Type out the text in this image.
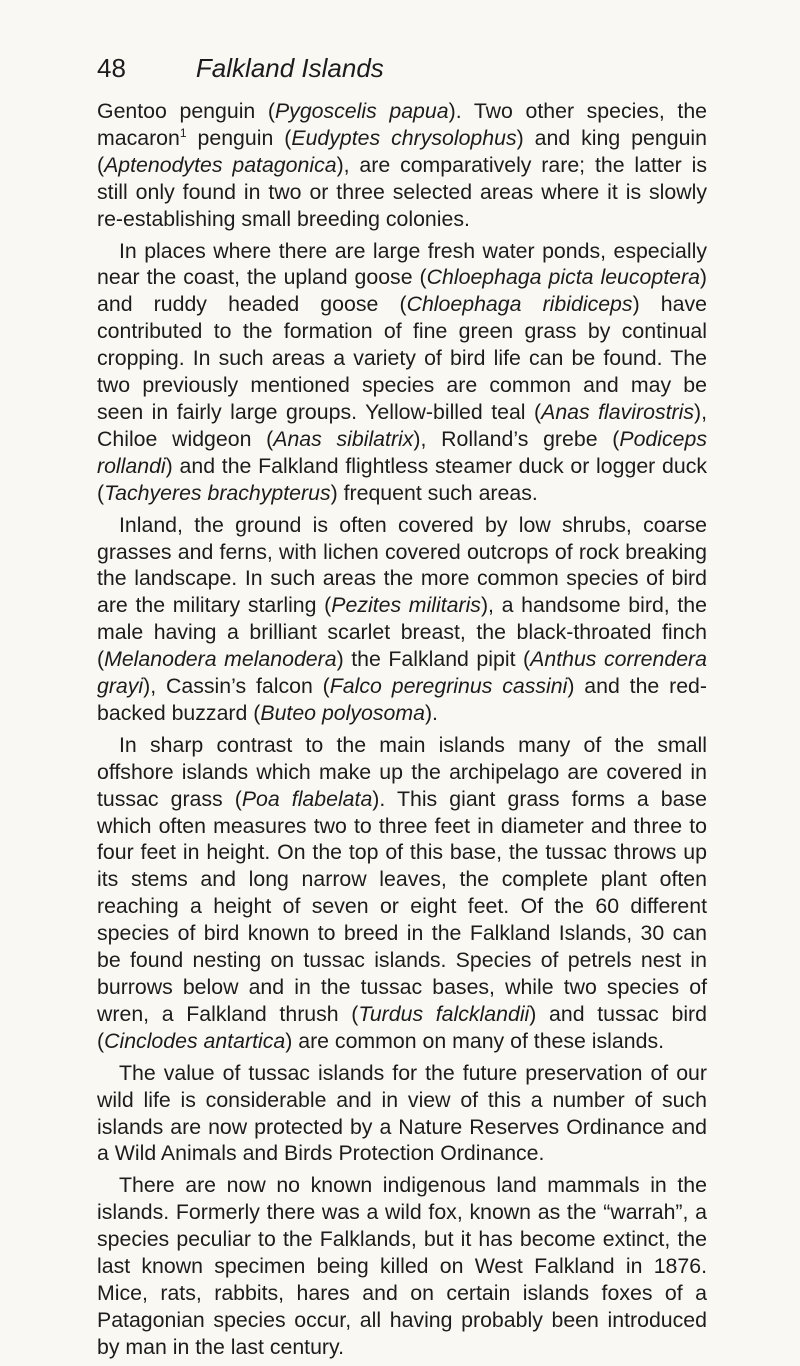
48	Falkland Islands

Gentoo penguin (Pygoscelis papua). Two other species, the macaron$^1$ penguin (Eudyptes chrysolophus) and king penguin (Aptenodytes patagonica), are comparatively rare; the latter is still only found in two or three selected areas where it is slowly re-establishing small breeding colonies.

In places where there are large fresh water ponds, especially near the coast, the upland goose (Chloephaga picta leucoptera) and ruddy headed goose (Chloephaga ribidiceps) have contributed to the formation of fine green grass by continual cropping. In such areas a variety of bird life can be found. The two previously mentioned species are common and may be seen in fairly large groups. Yellow-billed teal (Anas flavirostris), Chiloe widgeon (Anas sibilatrix), Rolland’s grebe (Podiceps rollandi) and the Falkland flightless steamer duck or logger duck (Tachyeres brachypterus) frequent such areas.

Inland, the ground is often covered by low shrubs, coarse grasses and ferns, with lichen covered outcrops of rock breaking the landscape. In such areas the more common species of bird are the military starling (Pezites militaris), a handsome bird, the male having a brilliant scarlet breast, the black-throated finch (Melanodera melanodera) the Falkland pipit (Anthus correndera grayi), Cassin’s falcon (Falco peregrinus cassini) and the red-backed buzzard (Buteo polyosoma).

In sharp contrast to the main islands many of the small offshore islands which make up the archipelago are covered in tussac grass (Poa flabelata). This giant grass forms a base which often measures two to three feet in diameter and three to four feet in height. On the top of this base, the tussac throws up its stems and long narrow leaves, the complete plant often reaching a height of seven or eight feet. Of the 60 different species of bird known to breed in the Falkland Islands, 30 can be found nesting on tussac islands. Species of petrels nest in burrows below and in the tussac bases, while two species of wren, a Falkland thrush (Turdus falcklandii) and tussac bird (Cinclodes antartica) are common on many of these islands.

The value of tussac islands for the future preservation of our wild life is considerable and in view of this a number of such islands are now protected by a Nature Reserves Ordinance and a Wild Animals and Birds Protection Ordinance.

There are now no known indigenous land mammals in the islands. Formerly there was a wild fox, known as the “warrah”, a species peculiar to the Falklands, but it has become extinct, the last known specimen being killed on West Falkland in 1876. Mice, rats, rabbits, hares and on certain islands foxes of a Patagonian species occur, all having probably been introduced by man in the last century.
